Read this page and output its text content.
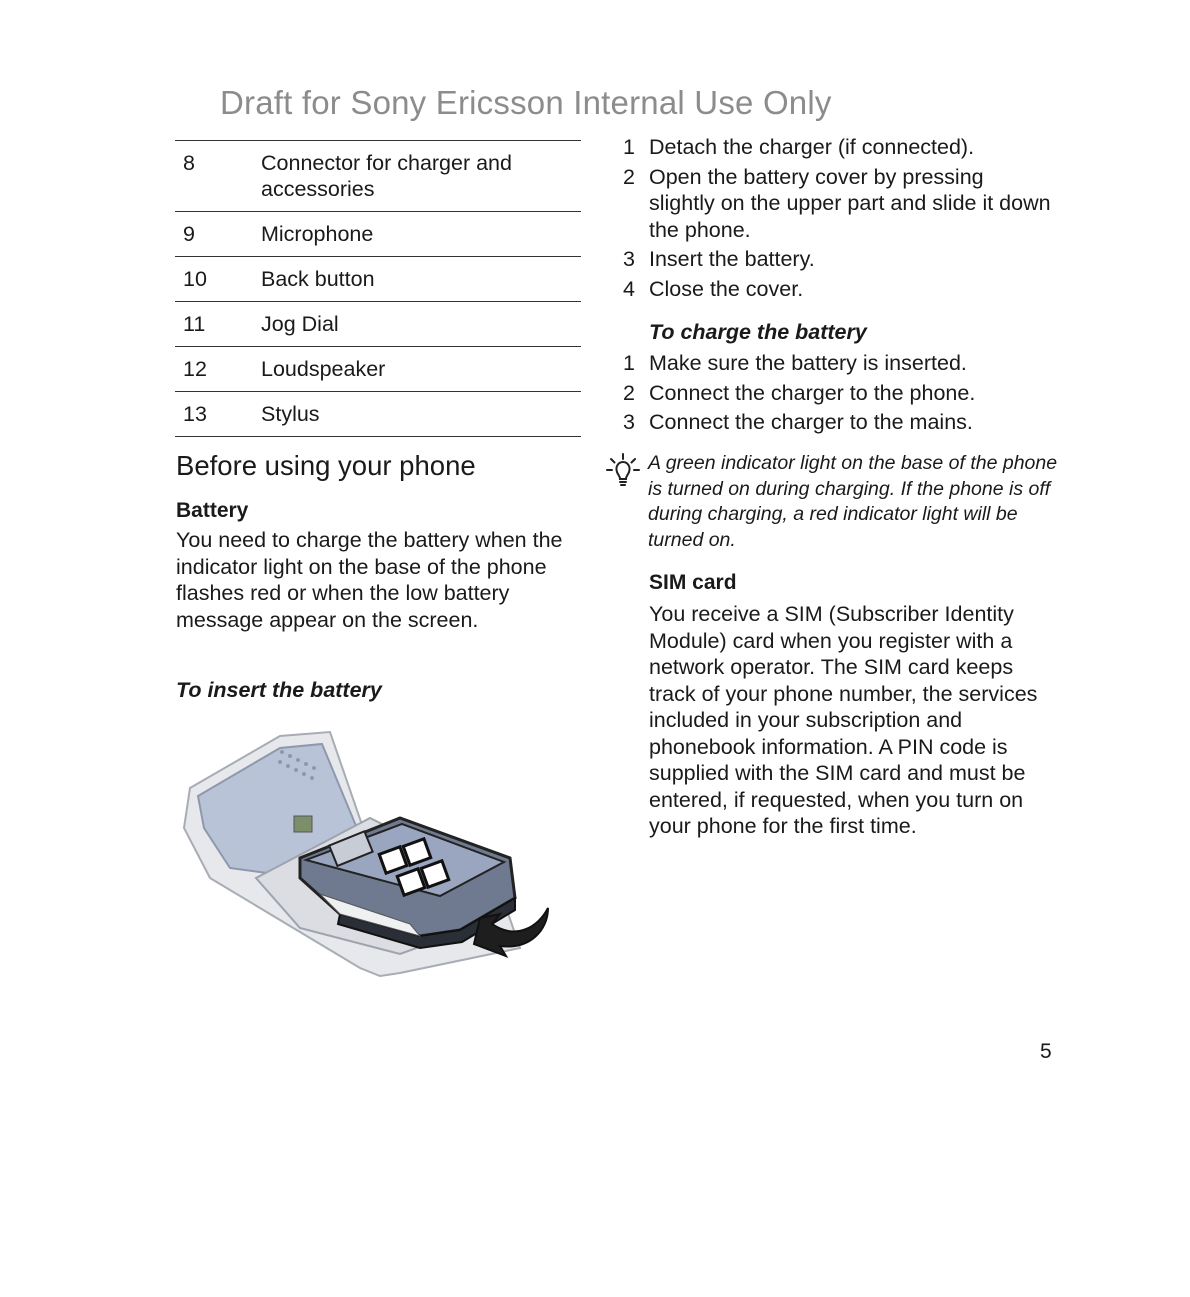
Draft for Sony Ericsson Internal Use Only
8	Connector for charger and accessories
9	Microphone
10	Back button
11	Jog Dial
12	Loudspeaker
13	Stylus
Before using your phone
Battery
You need to charge the battery when the indicator light on the base of the phone flashes red or when the low battery message appear on the screen.
To insert the battery
1 Detach the charger (if connected).
2 Open the battery cover by pressing slightly on the upper part and slide it down the phone.
3 Insert the battery.
4 Close the cover.
To charge the battery
1 Make sure the battery is inserted.
2 Connect the charger to the phone.
3 Connect the charger to the mains.
A green indicator light on the base of the phone is turned on during charging. If the phone is off during charging, a red indicator light will be turned on.
SIM card
You receive a SIM (Subscriber Identity Module) card when you register with a network operator. The SIM card keeps track of your phone number, the services included in your subscription and phonebook information. A PIN code is supplied with the SIM card and must be entered, if requested, when you turn on your phone for the first time.
5
